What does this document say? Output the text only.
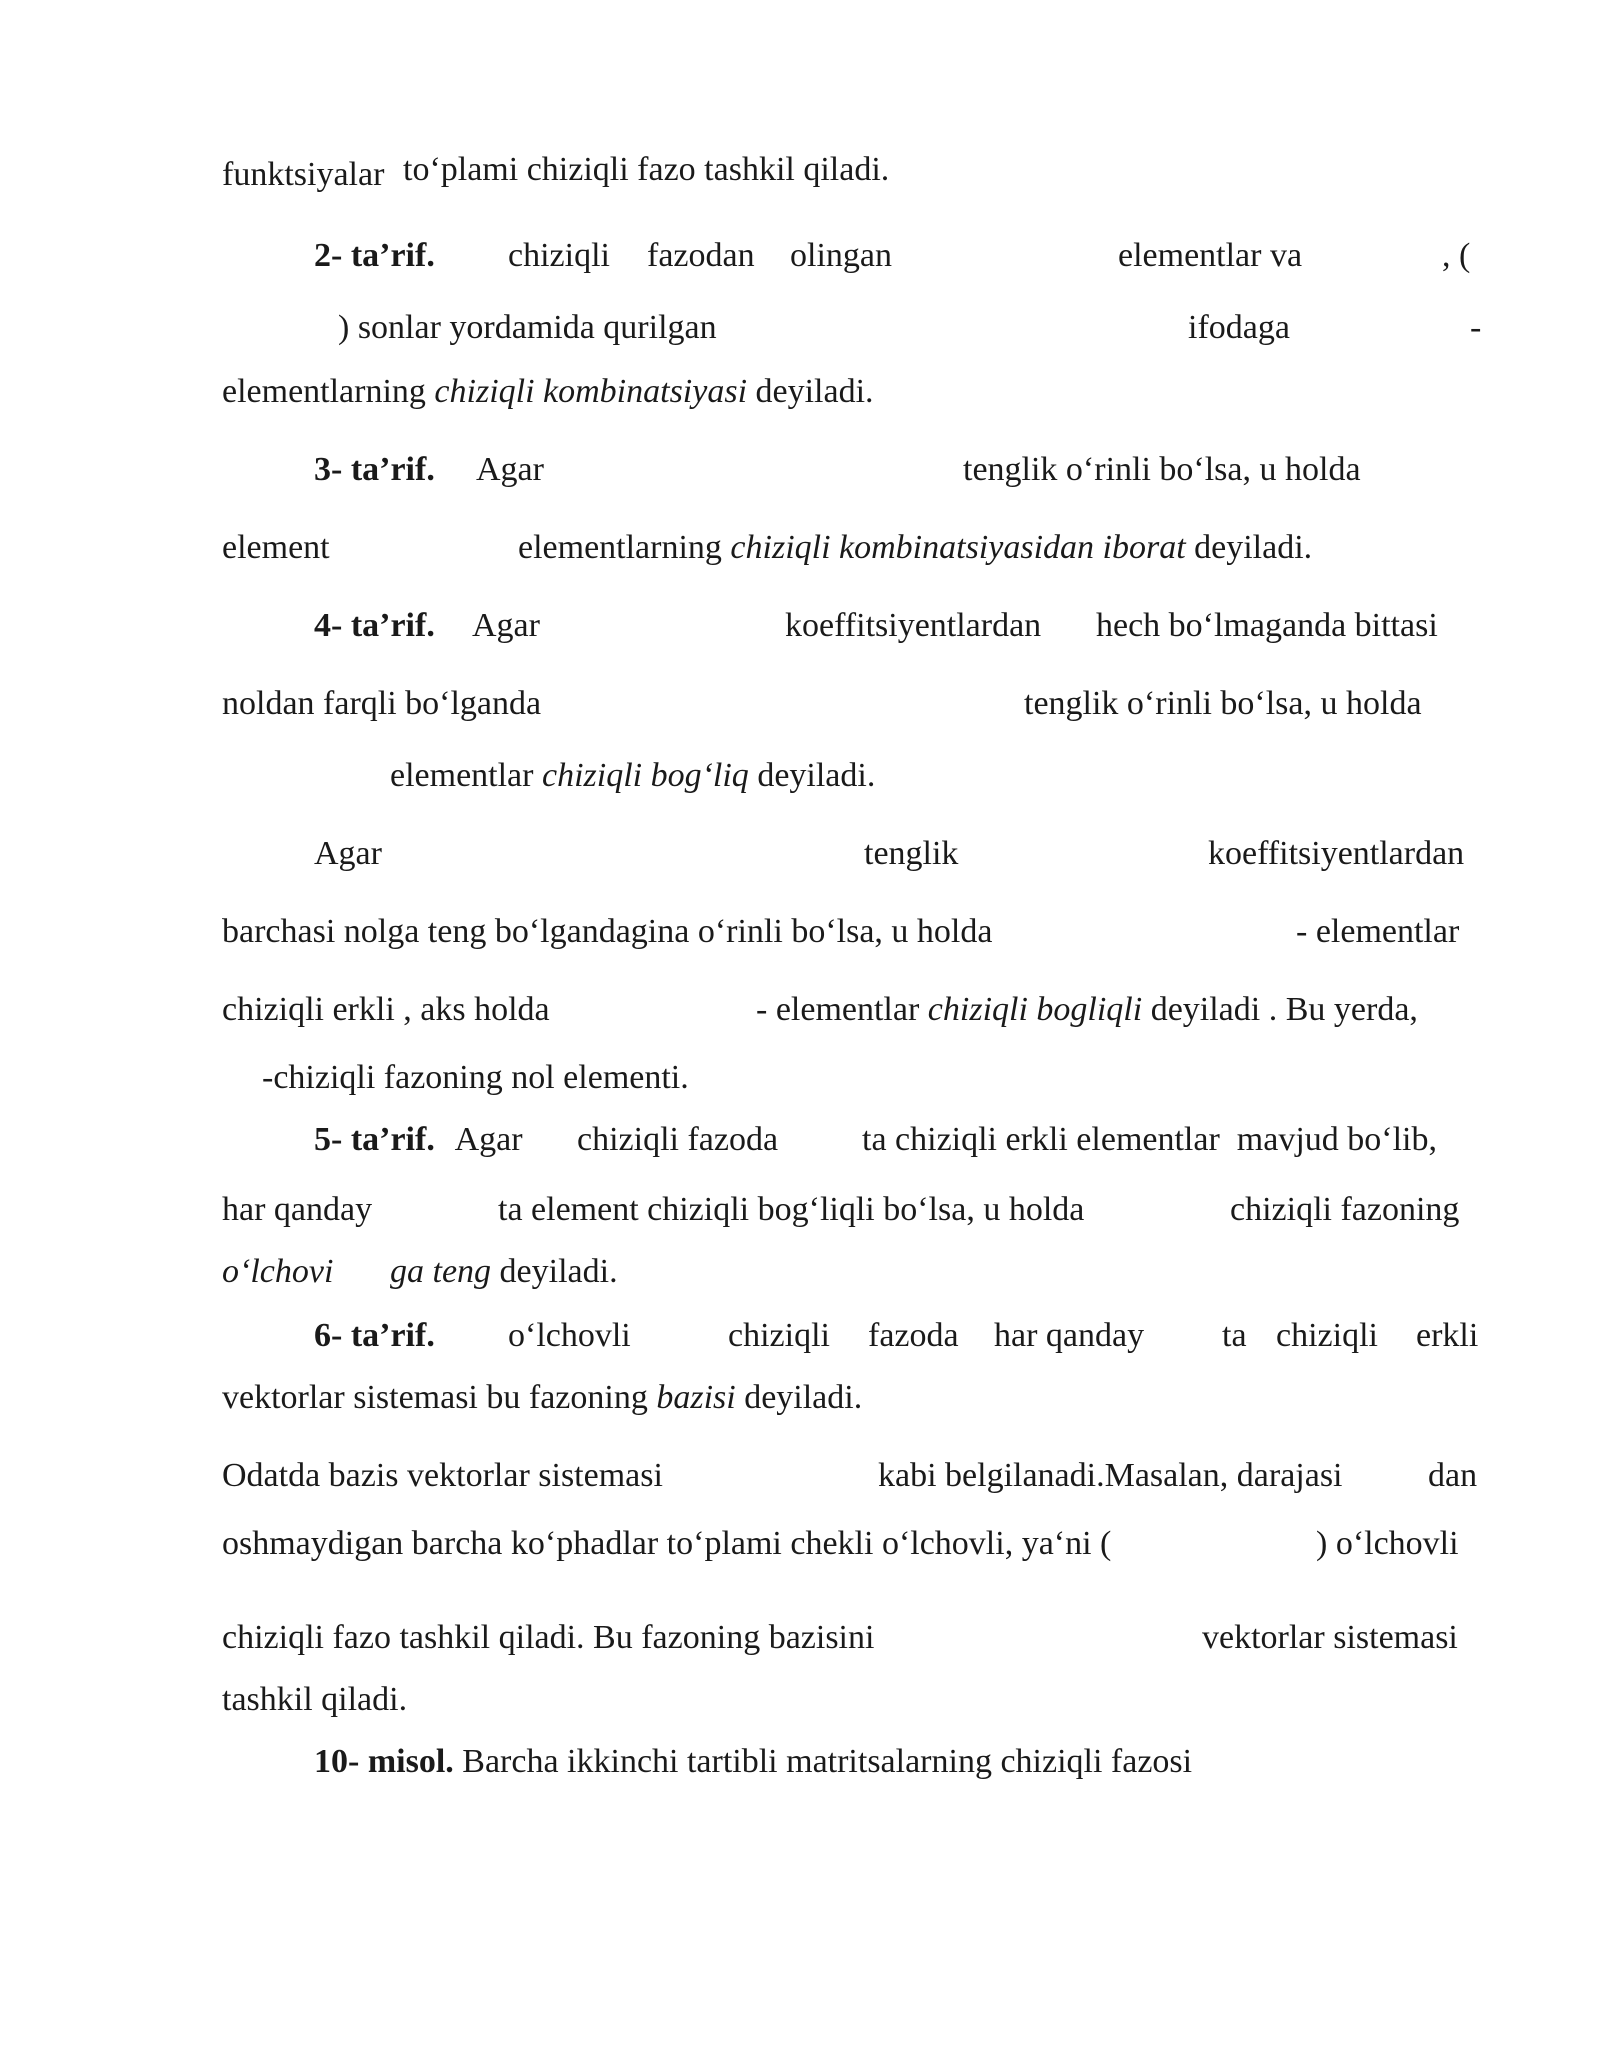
funktsiyalar to‘plami chiziqli fazo tashkil qiladi.
2- ta’rif. chiziqli fazodan olingan	elementlar va	, (
) sonlar yordamida qurilgan	ifodaga	-
elementlarning chiziqli kombinatsiyasi deyiladi.
3- ta’rif. Agar	tenglik o‘rinli bo‘lsa, u holda
element	elementlarning chiziqli kombinatsiyasidan iborat deyiladi.
4- ta’rif. Agar	koeffitsiyentlardan hech bo‘lmaganda bittasi
noldan farqli bo‘lganda	tenglik o‘rinli bo‘lsa, u holda
elementlar chiziqli bog‘liq deyiladi.
Agar	tenglik	koeffitsiyentlardan
barchasi nolga teng bo‘lgandagina o‘rinli bo‘lsa, u holda	- elementlar
chiziqli erkli , aks holda	- elementlar chiziqli bogliqli deyiladi . Bu yerda,
-chiziqli fazoning nol elementi.
5- ta’rif. Agar chiziqli fazoda ta chiziqli erkli elementlar  mavjud bo‘lib,
har qanday	ta element chiziqli bog‘liqli bo‘lsa, u holda	chiziqli fazoning
o‘lchovi ga teng deyiladi.
6- ta’rif. o‘lchovli	chiziqli fazoda har qanday ta chiziqli erkli
vektorlar sistemasi bu fazoning bazisi deyiladi.
Odatda bazis vektorlar sistemasi	kabi belgilanadi.Masalan, darajasi	dan
oshmaydigan barcha ko‘phadlar to‘plami chekli o‘lchovli, ya‘ni (	) o‘lchovli
chiziqli fazo tashkil qiladi. Bu fazoning bazisini	vektorlar sistemasi
tashkil qiladi.
10- misol. Barcha ikkinchi tartibli matritsalarning chiziqli fazosi
